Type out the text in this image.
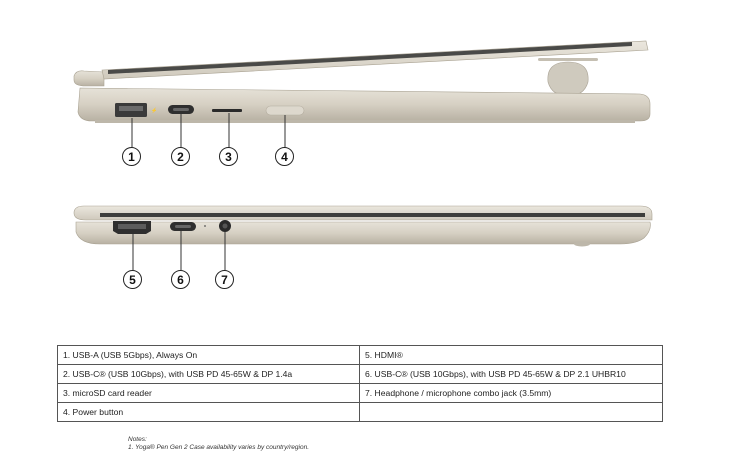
⚡
1	2	3	4
5	6	7
1. USB-A (USB 5Gbps), Always On	5. HDMI®
2. USB-C® (USB 10Gbps), with USB PD 45-65W & DP 1.4a	6. USB-C® (USB 10Gbps), with USB PD 45-65W & DP 2.1 UHBR10
3. microSD card reader	7. Headphone / microphone combo jack (3.5mm)
4. Power button	
Notes:
1. Yoga® Pen Gen 2 Case availability varies by country/region.
